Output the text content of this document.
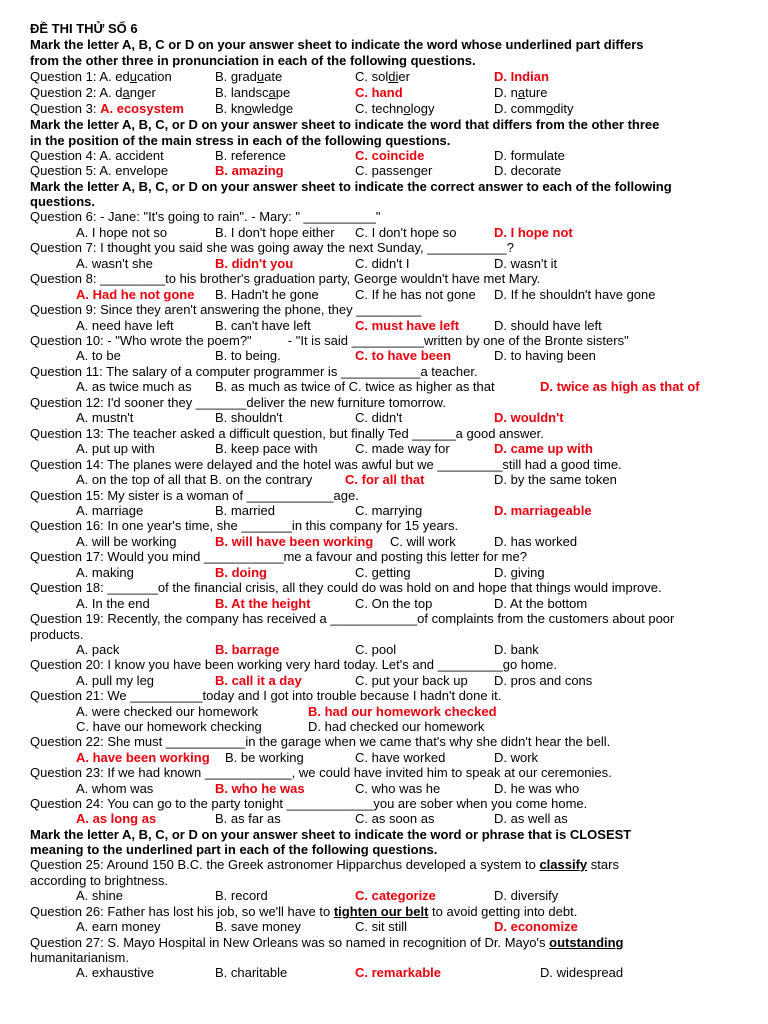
ĐỀ THI THỬ SỐ 6
Mark the letter A, B, C or D on your answer sheet to indicate the word whose underlined part differs
from the other three in pronunciation in each of the following questions.
Question 1: A. education	B. graduate	C. soldier	D. Indian
Question 2: A. danger	B. landscape	C. hand	D. nature
Question 3: A. ecosystem B. knowledge	C. technology	D. commodity
Mark the letter A, B, C, or D on your answer sheet to indicate the word that differs from the other three
in the position of the main stress in each of the following questions.
Question 4: A. accident	B. reference	C. coincide	D. formulate
Question 5: A. envelope	B. amazing	C. passenger	D. decorate
Mark the letter A, B, C, or D on your answer sheet to indicate the correct answer to each of the following
questions.
Question 6: - Jane: "It's going to rain". - Mary: " __________"
A. I hope not so	B. I don't hope either C. I don't hope so	D. I hope not
Question 7: I thought you said she was going away the next Sunday, ___________?
A. wasn't she	B. didn't you	C. didn't I	D. wasn't it
Question 8: _________to his brother's graduation party, George wouldn't have met Mary.
A. Had he not gone B. Hadn't he gone	C. If he has not gone D. If he shouldn't have gone
Question 9: Since they aren't answering the phone, they _________
A. need have left	B. can't have left	C. must have left	D. should have left
Question 10: - "Who wrote the poem?"          - "It is said __________written by one of the Bronte sisters"
A. to be	B. to being.	C. to have been	D. to having been
Question 11: The salary of a computer programmer is ___________a teacher.
A. as twice much as B. as much as twice of C. twice as higher as that	D. twice as high as that of
Question 12: I'd sooner they _______deliver the new furniture tomorrow.
A. mustn't	B. shouldn't	C. didn't	D. wouldn't
Question 13: The teacher asked a difficult question, but finally Ted ______a good answer.
A. put up with	B. keep pace with	C. made way for	D. came up with
Question 14: The planes were delayed and the hotel was awful but we _________still had a good time.
A. on the top of all that B. on the contrary	C. for all that	D. by the same token
Question 15: My sister is a woman of ____________age.
A. marriage	B. married	C. marrying	D. marriageable
Question 16: In one year's time, she _______in this company for 15 years.
A. will be working	B. will have been working C. will work	D. has worked
Question 17: Would you mind ___________me a favour and posting this letter for me?
A. making	B. doing	C. getting	D. giving
Question 18: _______of the financial crisis, all they could do was hold on and hope that things would improve.
A. In the end	B. At the height	C. On the top	D. At the bottom
Question 19: Recently, the company has received a ____________of complaints from the customers about poor
products.
A. pack	B. barrage	C. pool	D. bank
Question 20: I know you have been working very hard today. Let's and _________go home.
A. pull my leg	B. call it a day	C. put your back up D. pros and cons
Question 21: We __________today and I got into trouble because I hadn't done it.
A. were checked our homework	B. had our homework checked
C. have our homework checking	D. had checked our homework
Question 22: She must ___________in the garage when we came that's why she didn't hear the bell.
A. have been working B. be working	C. have worked	D. work
Question 23: If we had known ____________, we could have invited him to speak at our ceremonies.
A. whom was	B. who he was	C. who was he	D. he was who
Question 24: You can go to the party tonight ____________you are sober when you come home.
A. as long as	B. as far as	C. as soon as	D. as well as
Mark the letter A, B, C, or D on your answer sheet to indicate the word or phrase that is CLOSEST
meaning to the underlined part in each of the following questions.
Question 25: Around 150 B.C. the Greek astronomer Hipparchus developed a system to classify stars
according to brightness.
A. shine	B. record	C. categorize	D. diversify
Question 26: Father has lost his job, so we'll have to tighten our belt to avoid getting into debt.
A. earn money	B. save money	C. sit still	D. economize
Question 27: S. Mayo Hospital in New Orleans was so named in recognition of Dr. Mayo's outstanding
humanitarianism.
A. exhaustive	B. charitable	C. remarkable	D. widespread
